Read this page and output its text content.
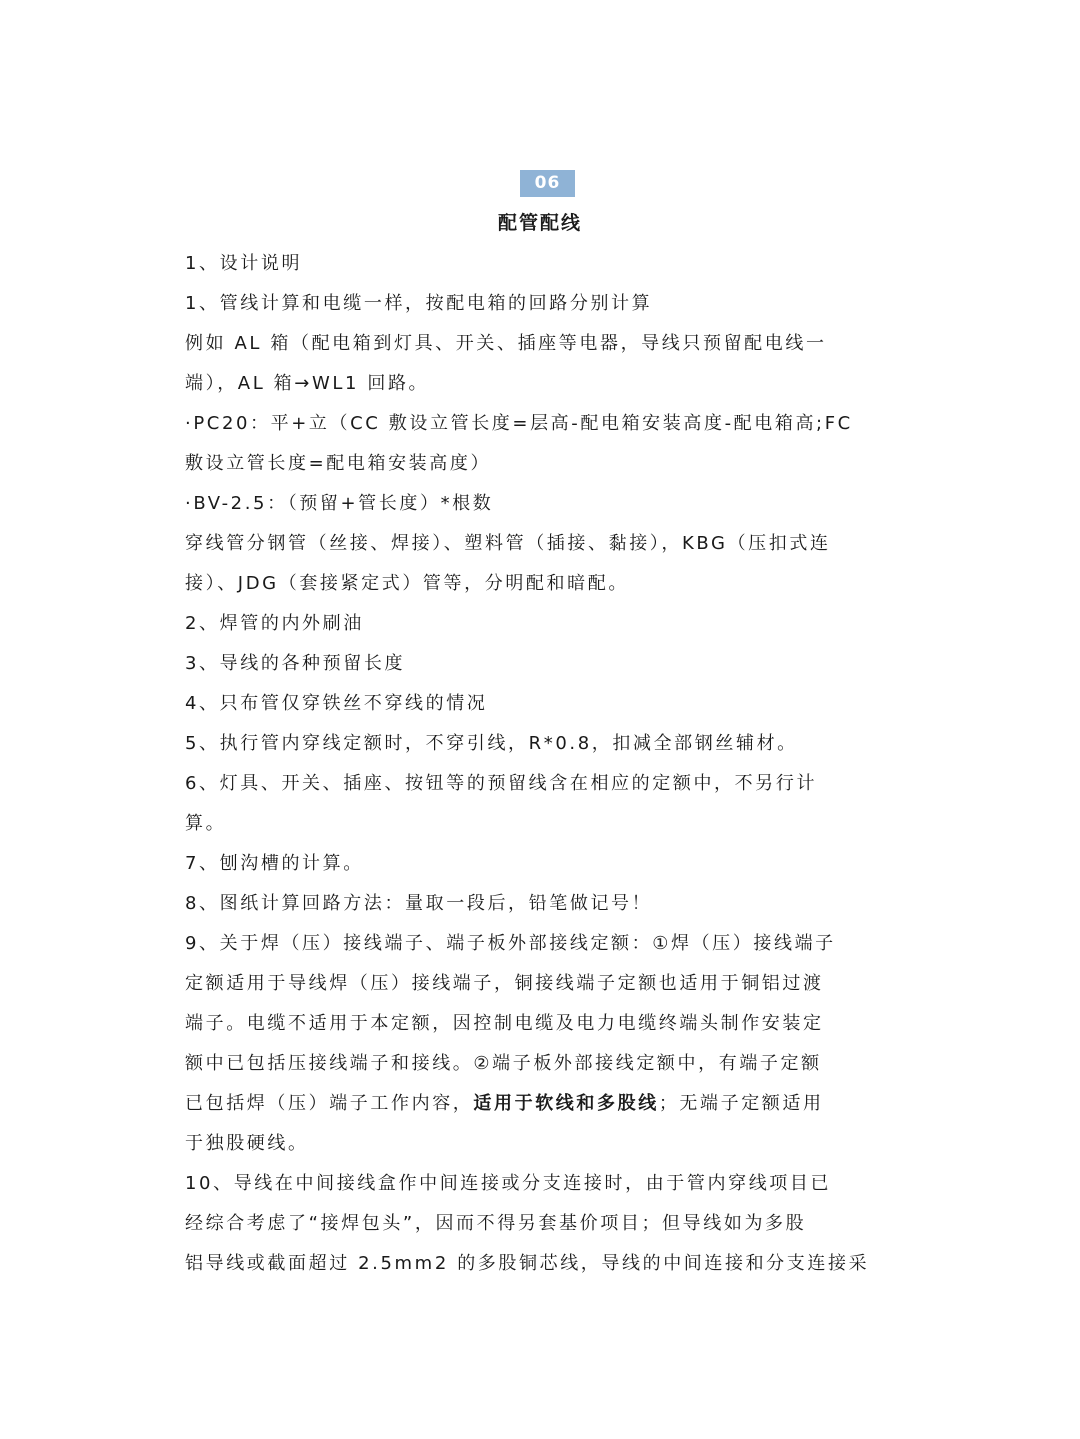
06
配管配线
1、设计说明
1、管线计算和电缆一样，按配电箱的回路分别计算
例如 AL 箱（配电箱到灯具、开关、插座等电器，导线只预留配电线一
端），AL 箱→WL1 回路。
·PC20：平+立（CC 敷设立管长度=层高-配电箱安装高度-配电箱高;FC
敷设立管长度=配电箱安装高度）
·BV-2.5：（预留+管长度）*根数
穿线管分钢管（丝接、焊接）、塑料管（插接、黏接），KBG（压扣式连
接）、JDG（套接紧定式）管等，分明配和暗配。
2、焊管的内外刷油
3、导线的各种预留长度
4、只布管仅穿铁丝不穿线的情况
5、执行管内穿线定额时，不穿引线，R*0.8，扣减全部钢丝辅材。
6、灯具、开关、插座、按钮等的预留线含在相应的定额中，不另行计
算。
7、刨沟槽的计算。
8、图纸计算回路方法：量取一段后，铅笔做记号！
9、关于焊（压）接线端子、端子板外部接线定额：①焊（压）接线端子
定额适用于导线焊（压）接线端子，铜接线端子定额也适用于铜铝过渡
端子。电缆不适用于本定额，因控制电缆及电力电缆终端头制作安装定
额中已包括压接线端子和接线。②端子板外部接线定额中，有端子定额
已包括焊（压）端子工作内容，适用于软线和多股线；无端子定额适用
于独股硬线。
10、导线在中间接线盒作中间连接或分支连接时，由于管内穿线项目已
经综合考虑了“接焊包头”，因而不得另套基价项目；但导线如为多股
铝导线或截面超过 2.5mm2 的多股铜芯线，导线的中间连接和分支连接采
